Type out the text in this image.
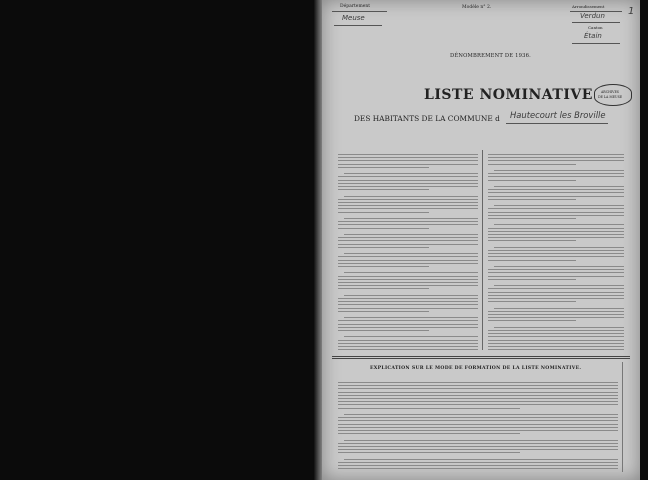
Département
Meuse
Modèle n° 2.	Arrondissement
Verdun
Canton
Étain
1
ARCHIVES
DE LA MEUSE
DÉNOMBREMENT DE 1936.
LISTE NOMINATIVE
DES HABITANTS DE LA COMMUNE d Hautecourt les Broville
EXPLICATION SUR LE MODE DE FORMATION DE LA LISTE NOMINATIVE.
